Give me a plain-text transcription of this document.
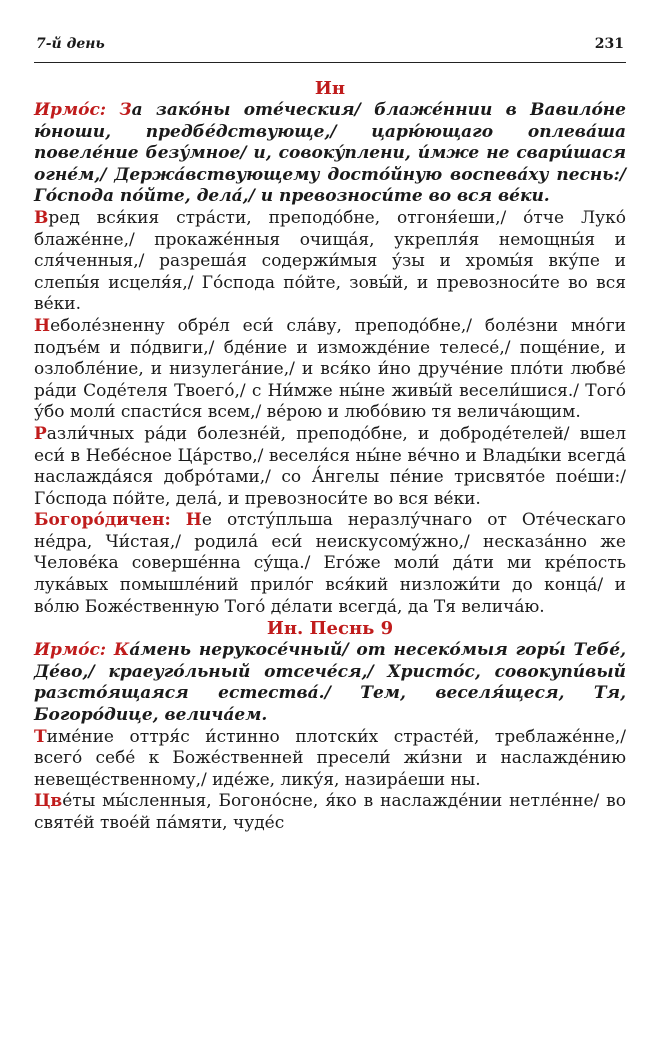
7-й день	231
Ин

Ирмо́с: За зако́ны оте́ческия/ блаже́ннии в Вавило́не ю́ноши, предбе́дствующе,/ царю́ющаго оплева́ша повеле́ние безу́мное/ и, совоку́плени, и́мже не свари́шася огне́м,/ Держа́вствующему досто́йную воспева́ху песнь:/ Го́спода по́йте, дела́,/ и превозноси́те во вся ве́ки.

Вред вся́кия стра́сти, преподо́бне, отгоня́еши,/ о́тче Луко́ блаже́нне,/ прокаже́нныя очища́я, укрепля́я немощны́я и сля́ченныя,/ разреша́я содержи́мыя у́зы и хромы́я вку́пе и слепы́я исцеля́я,/ Го́спода по́йте, зовы́й, и превозноси́те во вся ве́ки.

Неболе́зненну обре́л еси́ сла́ву, преподо́бне,/ боле́зни мно́ги подъе́м и по́двиги,/ бде́ние и изможде́ние телесе́,/ поще́ние, и озлобле́ние, и низулега́ние,/ и вся́ко и́но друче́ние пло́ти любве́ ра́ди Соде́теля Твоего́,/ с Ни́мже ны́не живы́й весели́шися./ Того́ у́бо моли́ спасти́ся всем,/ ве́рою и любо́вию тя велича́ющим.

Разли́чных ра́ди болезне́й, преподо́бне, и доброде́телей/ вшел еси́ в Небе́сное Ца́рство,/ веселя́ся ны́не ве́чно и Влады́ки всегда́ наслажда́яся добро́тами,/ со А́нгелы пе́ние трисвято́е пое́ши:/ Го́спода по́йте, дела́, и превозноси́те во вся ве́ки.

Богоро́дичен: Не отсту́пльша неразлу́чнаго от Оте́ческаго не́дра, Чи́стая,/ родила́ еси́ неискусому́жно,/ несказа́нно же Челове́ка соверше́нна су́ща./ Его́же моли́ да́ти ми кре́пость лука́вых помышле́ний прило́г вся́кий низложи́ти до конца́/ и во́лю Боже́ственную Того́ де́лати всегда́, да Тя велича́ю.

Ин. Песнь 9

Ирмо́с: Ка́мень нерукосе́чный/ от несеко́мыя горы́ Тебе́, Де́во,/ краеуго́льный отсече́ся,/ Христо́с, совокупи́вый разсто́ящаяся естества́./ Тем, веселя́щеся, Тя, Богоро́дице, велича́ем.

Тиме́ние оттря́с и́стинно плотски́х страсте́й, треблаже́нне,/ всего́ себе́ к Боже́ственней пресели́ жи́зни и наслажде́нию невеще́ственному,/ иде́же, лику́я, назира́еши ны.

Цве́ты мы́сленныя, Богоно́сне, я́ко в наслажде́нии нетле́нне/ во святе́й твое́й па́мяти, чуде́с
